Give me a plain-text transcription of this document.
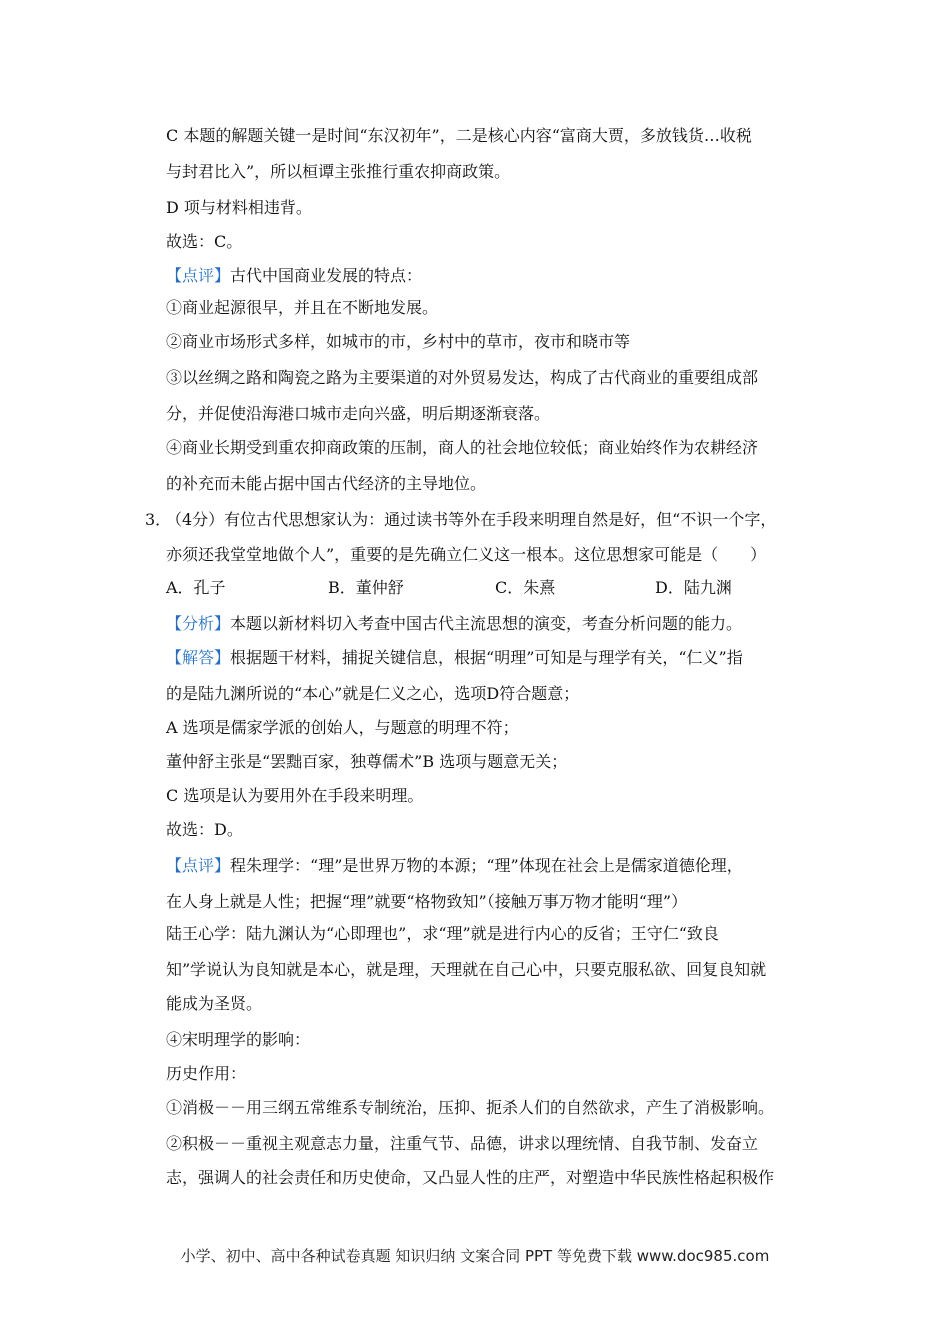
C 本题的解题关键一是时间“东汉初年”，二是核心内容“富商大贾，多放钱货…收税
与封君比入”，所以桓谭主张推行重农抑商政策。
D 项与材料相违背。
故选：C。
【点评】古代中国商业发展的特点：
①商业起源很早，并且在不断地发展。
②商业市场形式多样，如城市的市，乡村中的草市，夜市和晓市等
③以丝绸之路和陶瓷之路为主要渠道的对外贸易发达，构成了古代商业的重要组成部
分，并促使沿海港口城市走向兴盛，明后期逐渐衰落。
④商业长期受到重农抑商政策的压制，商人的社会地位较低；商业始终作为农耕经济
的补充而未能占据中国古代经济的主导地位。
3．
（4分）有位古代思想家认为：通过读书等外在手段来明理自然是好，但“不识一个字，
亦须还我堂堂地做个人”，重要的是先确立仁义这一根本。这位思想家可能是（　　）
A．孔子	B．董仲舒	C．朱熹	D．陆九渊
【分析】本题以新材料切入考查中国古代主流思想的演变，考查分析问题的能力。
【解答】根据题干材料，捕捉关键信息，根据“明理”可知是与理学有关，“仁义”指
的是陆九渊所说的“本心”就是仁义之心，选项D符合题意；
A 选项是儒家学派的创始人，与题意的明理不符；
董仲舒主张是“罢黜百家，独尊儒术”B 选项与题意无关；
C 选项是认为要用外在手段来明理。
故选：D。
【点评】程朱理学：“理”是世界万物的本源；“理”体现在社会上是儒家道德伦理，
在人身上就是人性；把握“理”就要“格物致知”（接触万事万物才能明“理”）
陆王心学：陆九渊认为“心即理也”，求“理”就是进行内心的反省；王守仁“致良
知”学说认为良知就是本心，就是理，天理就在自己心中，只要克服私欲、回复良知就
能成为圣贤。
④宋明理学的影响：
历史作用：
①消极－－用三纲五常维系专制统治，压抑、扼杀人们的自然欲求，产生了消极影响。
②积极－－重视主观意志力量，注重气节、品德，讲求以理统情、自我节制、发奋立
志，强调人的社会责任和历史使命，又凸显人性的庄严，对塑造中华民族性格起积极作
小学、初中、高中各种试卷真题 知识归纳 文案合同 PPT 等免费下载 www.doc985.com
